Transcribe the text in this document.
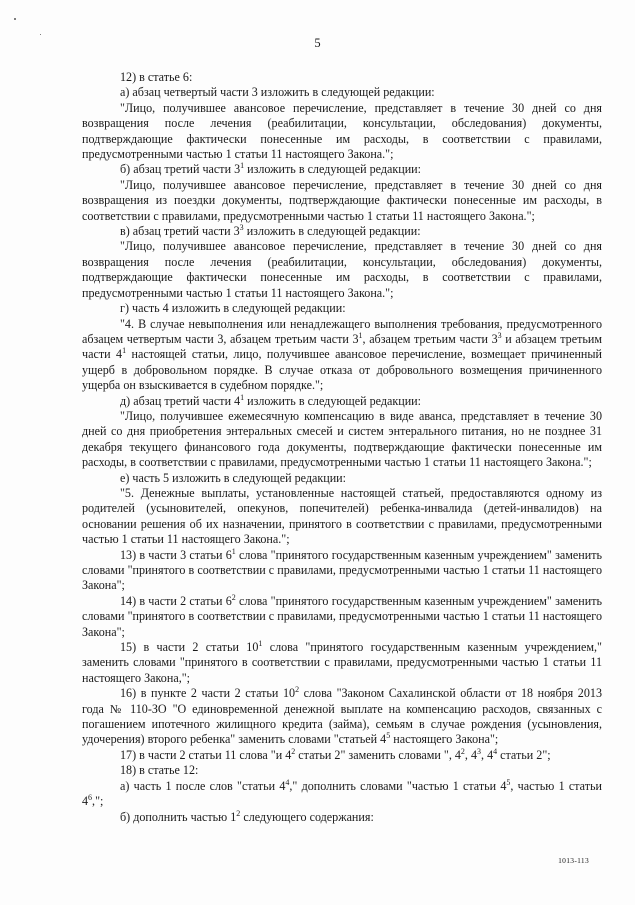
5

12) в статье 6:

а) абзац четвертый части 3 изложить в следующей редакции:

"Лицо, получившее авансовое перечисление, представляет в течение 30 дней со дня возвращения после лечения (реабилитации, консультации, обследования) документы, подтверждающие фактически понесенные им расходы, в соответствии с правилами, предусмотренными частью 1 статьи 11 настоящего Закона.";

б) абзац третий части $3^1$ изложить в следующей редакции:

"Лицо, получившее авансовое перечисление, представляет в течение 30 дней со дня возвращения из поездки документы, подтверждающие фактически понесенные им расходы, в соответствии с правилами, предусмотренными частью 1 статьи 11 настоящего Закона.";

в) абзац третий части $3^3$ изложить в следующей редакции:

"Лицо, получившее авансовое перечисление, представляет в течение 30 дней со дня возвращения после лечения (реабилитации, консультации, обследования) документы, подтверждающие фактически понесенные им расходы, в соответствии с правилами, предусмотренными частью 1 статьи 11 настоящего Закона.";

г) часть 4 изложить в следующей редакции:

"4. В случае невыполнения или ненадлежащего выполнения требования, предусмотренного абзацем четвертым части 3, абзацем третьим части $3^1$, абзацем третьим части $3^3$ и абзацем третьим части $4^1$ настоящей статьи, лицо, получившее авансовое перечисление, возмещает причиненный ущерб в добровольном порядке. В случае отказа от добровольного возмещения причиненного ущерба он взыскивается в судебном порядке.";

д) абзац третий части $4^1$ изложить в следующей редакции:

"Лицо, получившее ежемесячную компенсацию в виде аванса, представляет в течение 30 дней со дня приобретения энтеральных смесей и систем энтерального питания, но не позднее 31 декабря текущего финансового года документы, подтверждающие фактически понесенные им расходы, в соответствии с правилами, предусмотренными частью 1 статьи 11 настоящего Закона.";

е) часть 5 изложить в следующей редакции:

"5. Денежные выплаты, установленные настоящей статьей, предоставляются одному из родителей (усыновителей, опекунов, попечителей) ребенка-инвалида (детей-инвалидов) на основании решения об их назначении, принятого в соответствии с правилами, предусмотренными частью 1 статьи 11 настоящего Закона.";

13) в части 3 статьи $6^1$ слова "принятого государственным казенным учреждением" заменить словами "принятого в соответствии с правилами, предусмотренными частью 1 статьи 11 настоящего Закона";

14) в части 2 статьи $6^2$ слова "принятого государственным казенным учреждением" заменить словами "принятого в соответствии с правилами, предусмотренными частью 1 статьи 11 настоящего Закона";

15) в части 2 статьи $10^1$ слова "принятого государственным казенным учреждением," заменить словами "принятого в соответствии с правилами, предусмотренными частью 1 статьи 11 настоящего Закона,";

16) в пункте 2 части 2 статьи $10^2$ слова "Законом Сахалинской области от 18 ноября 2013 года № 110-ЗО "О единовременной денежной выплате на компенсацию расходов, связанных с погашением ипотечного жилищного кредита (займа), семьям в случае рождения (усыновления, удочерения) второго ребенка" заменить словами "статьей $4^5$ настоящего Закона";

17) в части 2 статьи 11 слова "и $4^2$ статьи 2" заменить словами ", $4^2$, $4^3$, $4^4$ статьи 2";

18) в статье 12:

а) часть 1 после слов "статьи $4^4$," дополнить словами "частью 1 статьи $4^5$, частью 1 статьи $4^6$,";

б) дополнить частью $1^2$ следующего содержания:

1013-113
